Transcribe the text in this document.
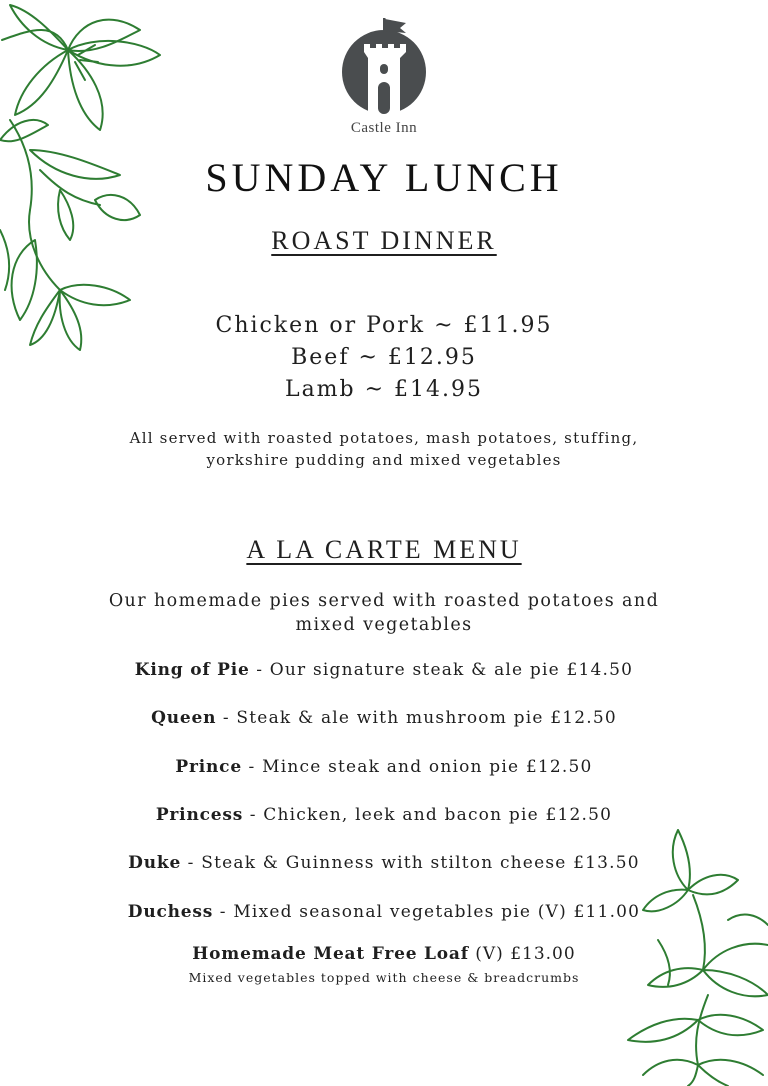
Castle Inn
SUNDAY LUNCH
ROAST DINNER
Chicken or Pork ~ £11.95
Beef ~ £12.95
Lamb ~ £14.95
All served with roasted potatoes, mash potatoes, stuffing,
yorkshire pudding and mixed vegetables
A LA CARTE MENU
Our homemade pies served with roasted potatoes and
mixed vegetables
King of Pie - Our signature steak & ale pie £14.50
Queen - Steak & ale with mushroom pie £12.50
Prince - Mince steak and onion pie £12.50
Princess - Chicken, leek and bacon pie £12.50
Duke - Steak & Guinness with stilton cheese £13.50
Duchess - Mixed seasonal vegetables pie (V) £11.00
Homemade Meat Free Loaf (V) £13.00
Mixed vegetables topped with cheese & breadcrumbs
